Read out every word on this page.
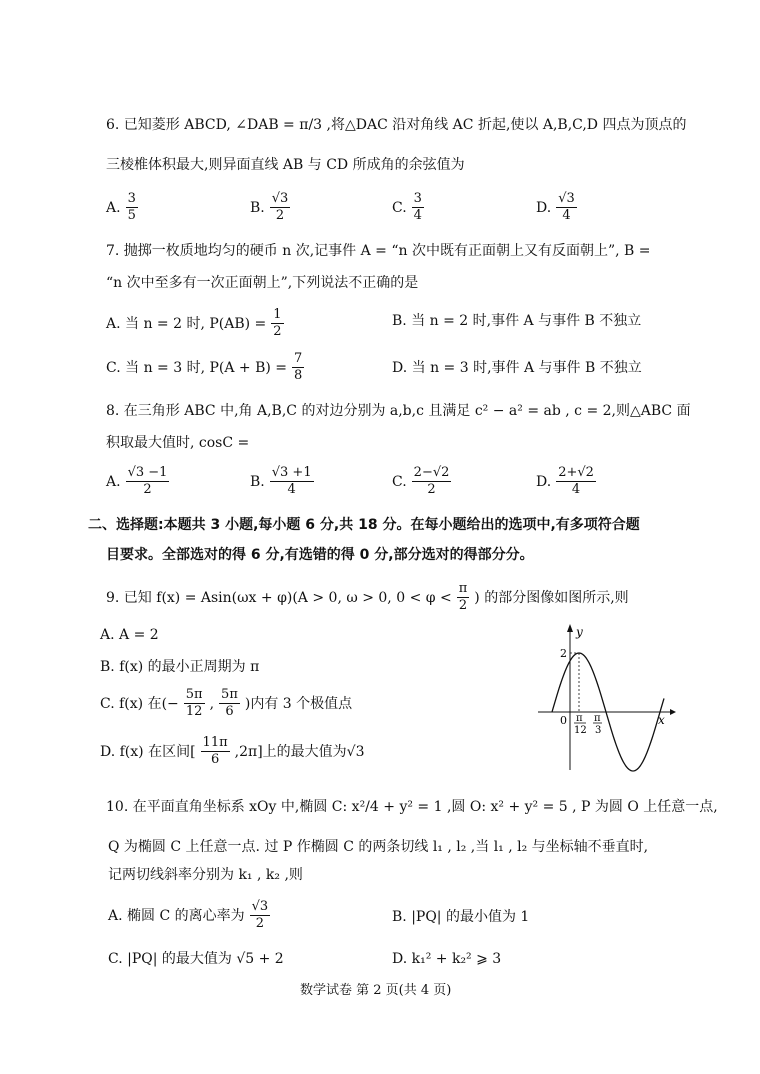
6. 已知菱形 ABCD, ∠DAB = π/3 ,将△DAC 沿对角线 AC 折起,使以 A,B,C,D 四点为顶点的
三棱椎体积最大,则异面直线 AB 与 CD 所成角的余弦值为
A. $\frac{3}{5}$	B. $\frac{√3}{2}$	C. $\frac{3}{4}$	D. $\frac{√3}{4}$
7. 抛掷一枚质地均匀的硬币 n 次,记事件 A = “n 次中既有正面朝上又有反面朝上”, B =
“n 次中至多有一次正面朝上”,下列说法不正确的是
A. 当 n = 2 时, $P(AB) = \frac{1}{2}$	B. 当 n = 2 时,事件 A 与事件 B 不独立
C. 当 n = 3 时, $P(A + B) = \frac{7}{8}$	D. 当 n = 3 时,事件 A 与事件 B 不独立
8. 在三角形 ABC 中,角 A,B,C 的对边分别为 a,b,c 且满足 c² − a² = ab , c = 2,则△ABC 面
积取最大值时, cosC =
A. $\frac{√3 -1}{2}$	B. $\frac{√3 +1}{4}$	C. $\frac{2-√2}{2}$	D. $\frac{2+√2}{4}$
二、选择题:本题共 3 小题,每小题 6 分,共 18 分。在每小题给出的选项中,有多项符合题
目要求。全部选对的得 6 分,有选错的得 0 分,部分选对的得部分分。
9. 已知 f(x) = Asin(ωx + φ)(A > 0, ω > 0, $0 < \varphi < \frac{\pi}{2}$ ) 的部分图像如图所示,则
A. A = 2
B. f(x) 的最小正周期为 π
C. f(x) 在(− $\frac{5\pi}{12}$ , $\frac{5\pi}{6}$ )内有 3 个极值点
D. f(x) 在区间[ $\frac{11\pi}{6} ,2\pi$]上的最大值为√3
y
x
0
2
π
12
π
3
10. 在平面直角坐标系 xOy 中,椭圆 C: x²/4 + y² = 1 ,圆 O: x² + y² = 5 , P 为圆 O 上任意一点,
Q 为椭圆 C 上任意一点. 过 P 作椭圆 C 的两条切线 l₁ , l₂ ,当 l₁ , l₂ 与坐标轴不垂直时,
记两切线斜率分别为 k₁ , k₂ ,则
A. 椭圆 C 的离心率为 $\frac{√3}{2}$	B. |PQ| 的最小值为 1
C. |PQ| 的最大值为 √5 + 2	D. k₁² + k₂² ⩾ 3
数学试卷 第 2 页(共 4 页)
